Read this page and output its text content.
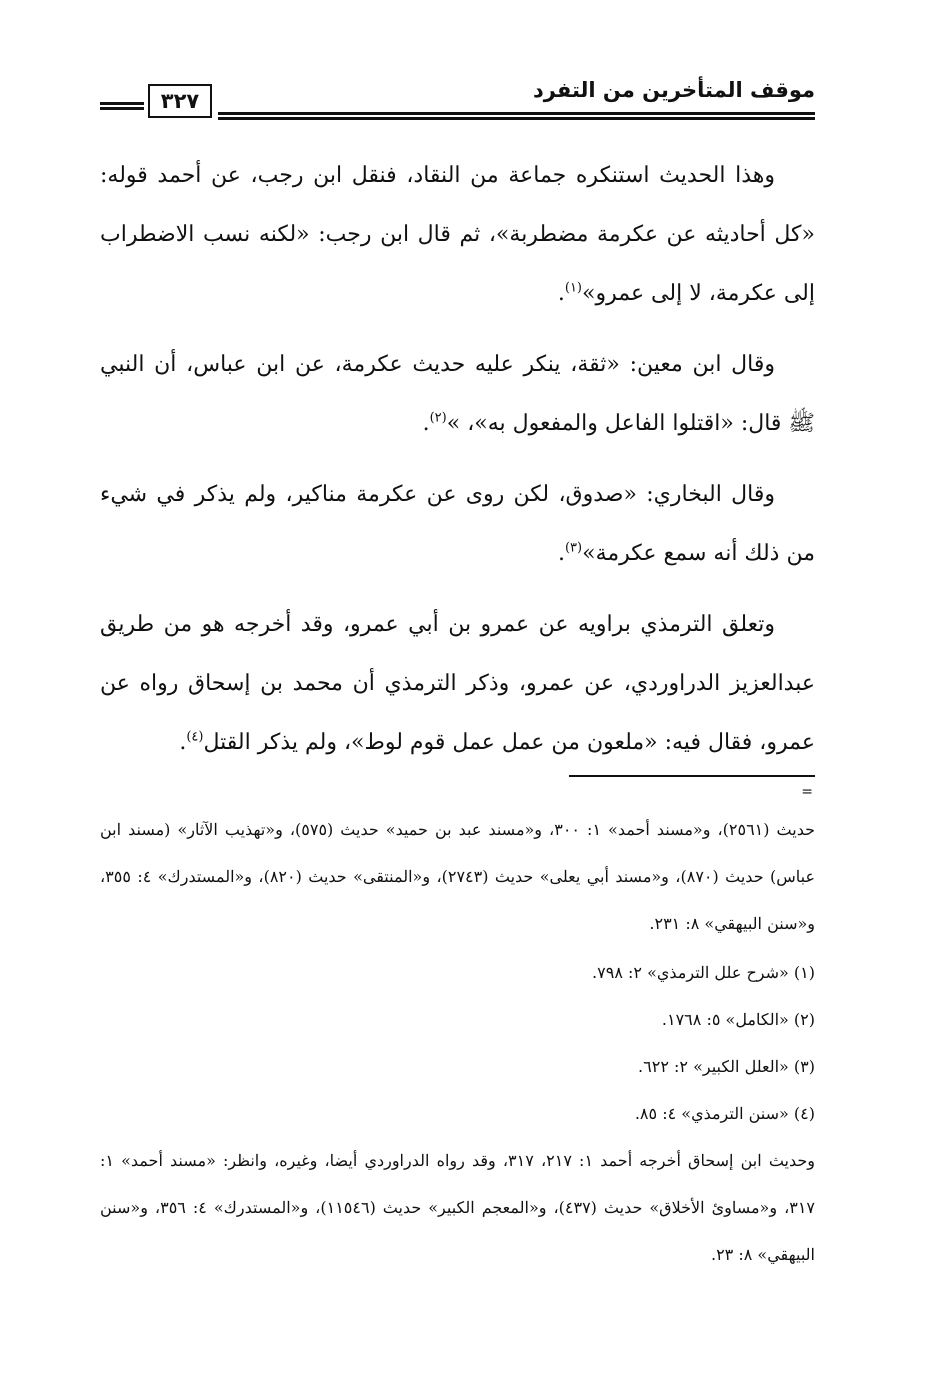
موقف المتأخرين من التفرد
٣٢٧

وهذا الحديث استنكره جماعة من النقاد، فنقل ابن رجب، عن أحمد قوله: «كل أحاديثه عن عكرمة مضطربة»، ثم قال ابن رجب: «لكنه نسب الاضطراب إلى عكرمة، لا إلى عمرو»$^{(١)}$.

وقال ابن معين: «ثقة، ينكر عليه حديث عكرمة، عن ابن عباس، أن النبي ﷺ قال: «اقتلوا الفاعل والمفعول به»، »$^{(٢)}$.

وقال البخاري: «صدوق، لكن روى عن عكرمة مناكير، ولم يذكر في شيء من ذلك أنه سمع عكرمة»$^{(٣)}$.

وتعلق الترمذي براويه عن عمرو بن أبي عمرو، وقد أخرجه هو من طريق عبدالعزيز الدراوردي، عن عمرو، وذكر الترمذي أن محمد بن إسحاق رواه عن عمرو، فقال فيه: «ملعون من عمل عمل قوم لوط»، ولم يذكر القتل$^{(٤)}$.

=

حديث (٢٥٦١)، و«مسند أحمد» ١: ٣٠٠، و«مسند عبد بن حميد» حديث (٥٧٥)، و«تهذيب الآثار» (مسند ابن عباس) حديث (٨٧٠)، و«مسند أبي يعلى» حديث (٢٧٤٣)، و«المنتقى» حديث (٨٢٠)، و«المستدرك» ٤: ٣٥٥، و«سنن البيهقي» ٨: ٢٣١.

(١) «شرح علل الترمذي» ٢: ٧٩٨.
(٢) «الكامل» ٥: ١٧٦٨.
(٣) «العلل الكبير» ٢: ٦٢٢.
(٤) «سنن الترمذي» ٤: ٨٥.

وحديث ابن إسحاق أخرجه أحمد ١: ٢١٧، ٣١٧، وقد رواه الدراوردي أيضا، وغيره، وانظر: «مسند أحمد» ١: ٣١٧، و«مساوئ الأخلاق» حديث (٤٣٧)، و«المعجم الكبير» حديث (١١٥٤٦)، و«المستدرك» ٤: ٣٥٦، و«سنن البيهقي» ٨: ٢٣.
